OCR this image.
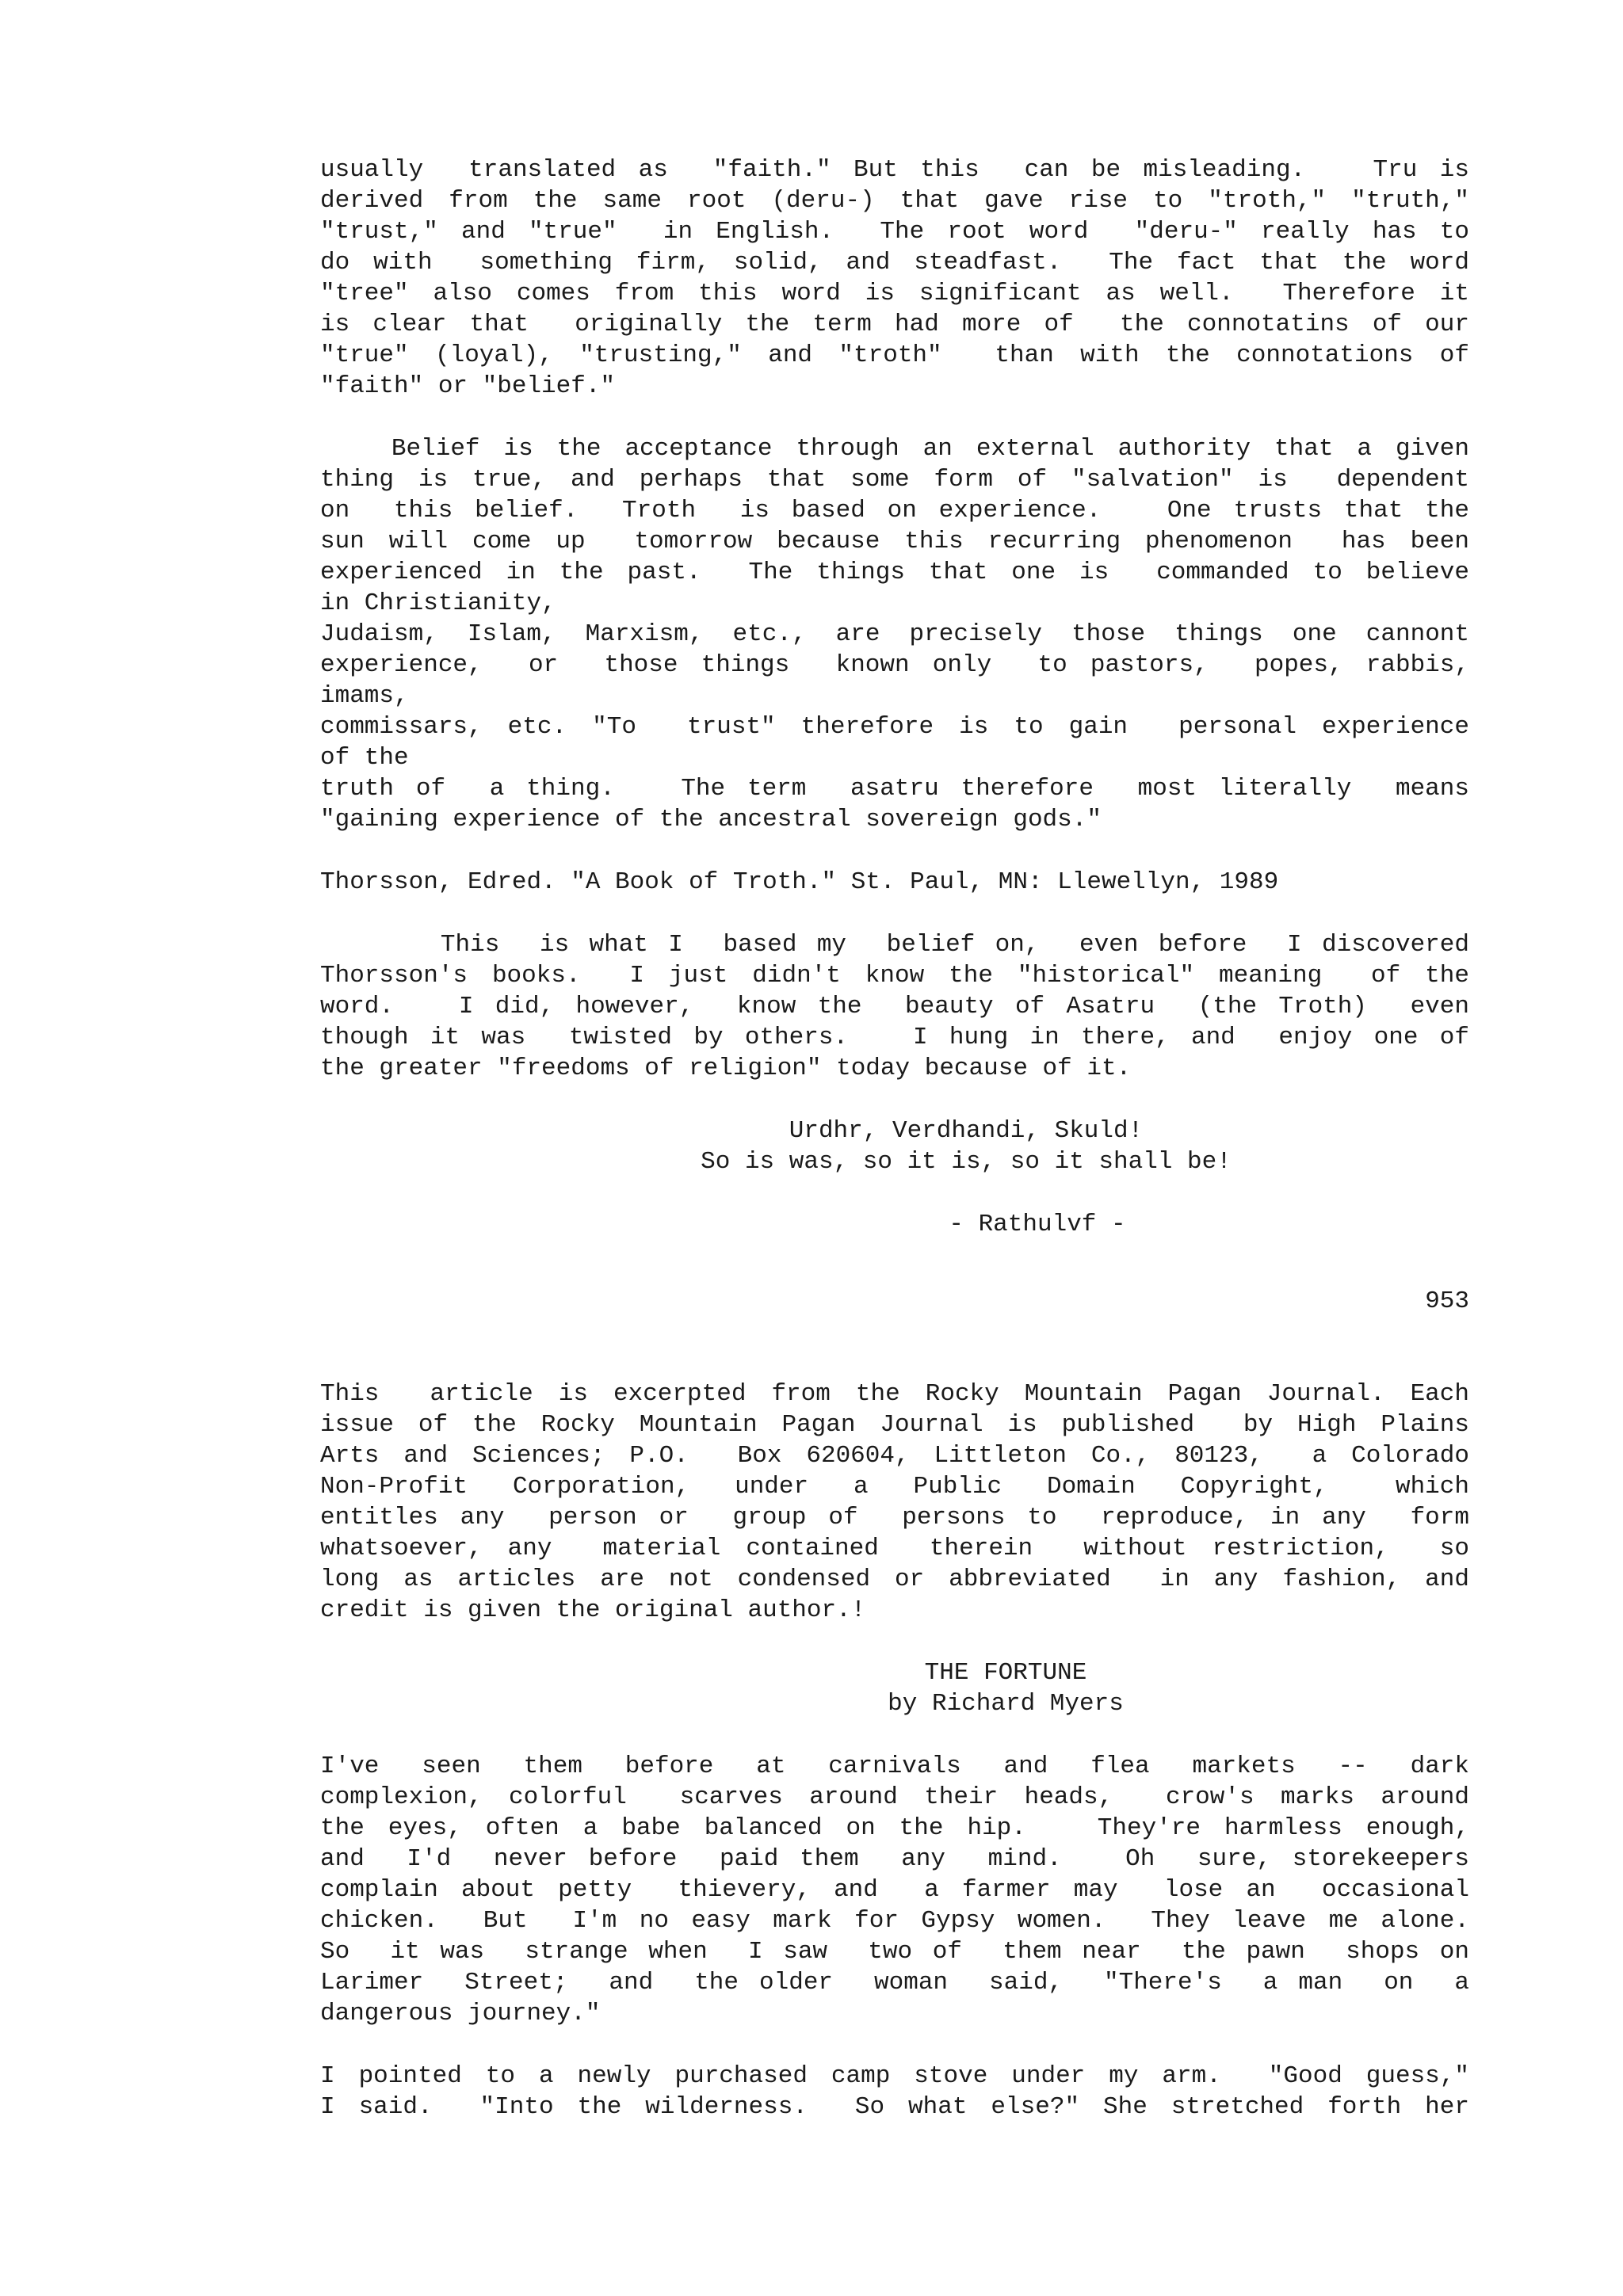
usually  translated as  "faith." But this  can be misleading.   Tru is
derived from the same root (deru-) that gave rise to "troth," "truth,"
"trust," and "true"  in English.  The root word  "deru-" really has to
do with  something firm, solid, and steadfast.  The fact that the word
"tree" also comes from this word is significant as well.  Therefore it
is clear that  originally the term had more of  the connotatins of our
"true" (loyal), "trusting," and "troth"  than with the connotations of
"faith" or "belief."
Belief is the acceptance through an external authority that a given
thing is true, and perhaps that some form of "salvation" is  dependent
on  this belief.  Troth  is based on experience.   One trusts that the
sun will come up  tomorrow because this recurring phenomenon  has been
experienced in the past.  The things that one is  commanded to believe
in Christianity,
Judaism, Islam, Marxism, etc., are precisely those things one cannont
experience,  or  those things  known only  to pastors,  popes, rabbis,
imams,
commissars, etc. "To  trust" therefore is to gain  personal experience
of the
truth of  a thing.   The term  asatru therefore  most literally  means
"gaining experience of the ancestral sovereign gods."
Thorsson, Edred. "A Book of Troth." St. Paul, MN: Llewellyn, 1989
This  is what I  based my  belief on,  even before  I discovered
Thorsson's books.  I just didn't know the "historical" meaning  of the
word.   I did, however,  know the  beauty of Asatru  (the Troth)  even
though it was  twisted by others.   I hung in there, and  enjoy one of
the greater "freedoms of religion" today because of it.
Urdhr, Verdhandi, Skuld!
So is was, so it is, so it shall be!
- Rathulvf -
953
This  article is excerpted from the Rocky Mountain Pagan Journal. Each
issue of the Rocky Mountain Pagan Journal is published  by High Plains
Arts and Sciences; P.O.  Box 620604, Littleton Co., 80123,  a Colorado
Non-Profit  Corporation,  under  a  Public  Domain  Copyright,   which
entitles any  person or  group of  persons to  reproduce, in any  form
whatsoever, any  material contained  therein  without restriction,  so
long as articles are not condensed or abbreviated  in any fashion, and
credit is given the original author.!
THE FORTUNE
by Richard Myers
I've  seen  them  before  at  carnivals  and  flea  markets  --  dark
complexion, colorful  scarves around their heads,  crow's marks around
the eyes, often a babe balanced on the hip.   They're harmless enough,
and  I'd  never before  paid them  any  mind.   Oh  sure, storekeepers
complain about petty  thievery, and  a farmer may  lose an  occasional
chicken.  But  I'm no easy mark for Gypsy women.  They leave me alone.
So  it was  strange when  I saw  two of  them near  the pawn  shops on
Larimer  Street;  and  the older  woman  said,  "There's  a man  on  a
dangerous journey."
I pointed to a newly purchased camp stove under my arm.  "Good guess,"
I said.  "Into the wilderness.  So what else?" She stretched forth her
